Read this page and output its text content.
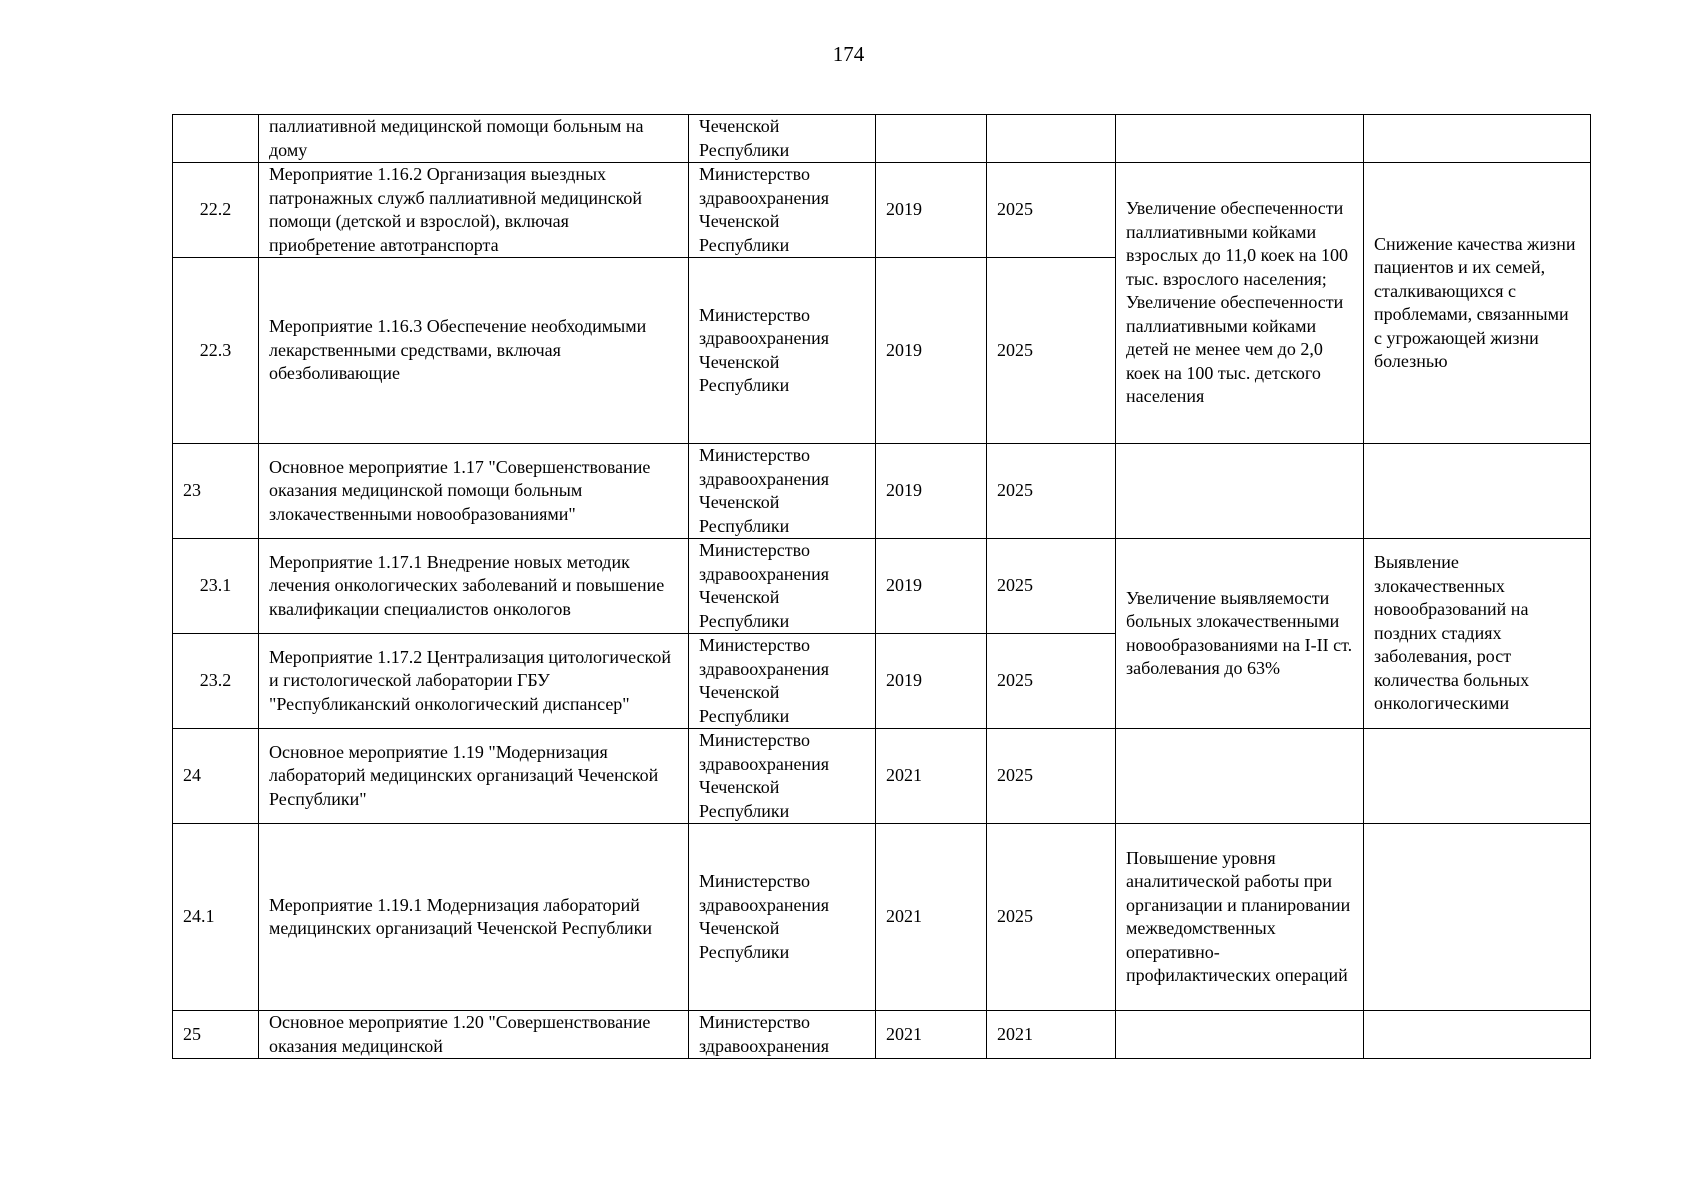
174
	паллиативной медицинской помощи больным на дому	Чеченской Республики				
22.2	Мероприятие 1.16.2 Организация выездных патронажных служб паллиативной медицинской помощи (детской и взрослой), включая приобретение автотранспорта	Министерство здравоохранения Чеченской Республики	2019	2025	Увеличение обеспеченности паллиативными койками взрослых до 11,0 коек на 100 тыс. взрослого населения; Увеличение обеспеченности паллиативными койками детей не менее чем до 2,0 коек на 100 тыс. детского населения	Снижение качества жизни пациентов и их семей, сталкивающихся с проблемами, связанными с угрожающей жизни болезнью
22.3	Мероприятие 1.16.3 Обеспечение необходимыми лекарственными средствами, включая обезболивающие	Министерство здравоохранения Чеченской Республики	2019	2025		
23	Основное мероприятие 1.17 "Совершенствование оказания медицинской помощи больным злокачественными новообразованиями"	Министерство здравоохранения Чеченской Республики	2019	2025		
23.1	Мероприятие 1.17.1 Внедрение новых методик лечения онкологических заболеваний и повышение квалификации специалистов онкологов	Министерство здравоохранения Чеченской Республики	2019	2025	Увеличение выявляемости больных злокачественными новообразованиями на I-II ст. заболевания до 63%	Выявление злокачественных новообразований на поздних стадиях заболевания, рост количества больных онкологическими
23.2	Мероприятие 1.17.2 Централизация цитологической и гистологической лаборатории ГБУ "Республиканский онкологический диспансер"	Министерство здравоохранения Чеченской Республики	2019	2025		
24	Основное мероприятие 1.19 "Модернизация лабораторий медицинских организаций Чеченской Республики"	Министерство здравоохранения Чеченской Республики	2021	2025		
24.1	Мероприятие 1.19.1 Модернизация лабораторий медицинских организаций Чеченской Республики	Министерство здравоохранения Чеченской Республики	2021	2025	Повышение уровня аналитической работы при организации и планировании межведомственных оперативно-профилактических операций	
25	Основное мероприятие 1.20 "Совершенствование оказания медицинской	Министерство здравоохранения	2021	2021		
